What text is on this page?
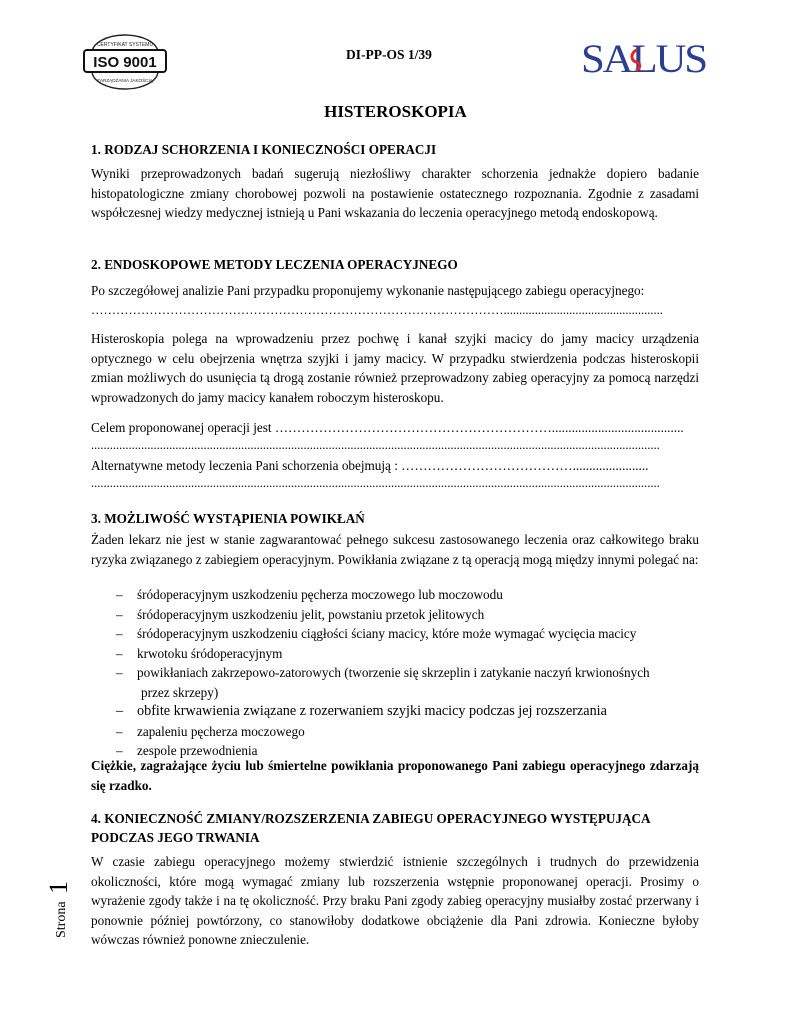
CERTYFIKAT SYSTEMU
ISO 9001
ZARZĄDZANIA JAKOŚCIĄ
DI-PP-OS 1/39	SALUS
HISTEROSKOPIA
1. RODZAJ SCHORZENIA I KONIECZNOŚCI OPERACJI

Wyniki przeprowadzonych badań sugerują niezłośliwy charakter schorzenia jednakże dopiero badanie histopatologiczne zmiany chorobowej pozwoli na postawienie ostatecznego rozpoznania. Zgodnie z zasadami współczesnej wiedzy medycznej istnieją u Pani wskazania do leczenia operacyjnego metodą endoskopową.

2. ENDOSKOPOWE METODY LECZENIA OPERACYJNEGO

Po szczegółowej analizie Pani przypadku proponujemy wykonanie następującego zabiegu operacyjnego:

………………………………………………………………………………………...................................................

Histeroskopia polega na wprowadzeniu przez pochwę i kanał szyjki macicy do jamy macicy urządzenia optycznego w celu obejrzenia wnętrza szyjki i jamy macicy. W przypadku stwierdzenia podczas histeroskopii zmian możliwych do usunięcia tą drogą zostanie również przeprowadzony zabieg operacyjny za pomocą narzędzi wprowadzonych do jamy macicy kanałem roboczym histeroskopu.

Celem proponowanej operacji jest ………………………………………………………........................................
......................................................................................................................................................................................
Alternatywne metody leczenia Pani schorzenia obejmują : ………………………………….......................
......................................................................................................................................................................................
3. MOŻLIWOŚĆ WYSTĄPIENIA POWIKŁAŃ

Żaden lekarz nie jest w stanie zagwarantować pełnego sukcesu zastosowanego leczenia oraz całkowitego braku ryzyka związanego z zabiegiem operacyjnym. Powikłania związane z tą operacją mogą między innymi polegać na:

– śródoperacyjnym uszkodzeniu pęcherza moczowego lub moczowodu
– śródoperacyjnym uszkodzeniu jelit, powstaniu przetok jelitowych
– śródoperacyjnym uszkodzeniu ciągłości ściany macicy, które może wymagać wycięcia macicy
– krwotoku śródoperacyjnym
– powikłaniach zakrzepowo-zatorowych (tworzenie się skrzeplin i zatykanie naczyń krwionośnych
przez skrzepy)
– obfite krwawienia związane z rozerwaniem szyjki macicy podczas jej rozszerzania
– zapaleniu pęcherza moczowego
– zespole przewodnienia
Ciężkie, zagrażające życiu lub śmiertelne powikłania proponowanego Pani zabiegu operacyjnego zdarzają się rzadko.
4. KONIECZNOŚĆ ZMIANY/ROZSZERZENIA ZABIEGU OPERACYJNEGO WYSTĘPUJĄCA PODCZAS JEGO TRWANIA

W czasie zabiegu operacyjnego możemy stwierdzić istnienie szczególnych i trudnych do przewidzenia okoliczności, które mogą wymagać zmiany lub rozszerzenia wstępnie proponowanej operacji. Prosimy o wyrażenie zgody także i na tę okoliczność. Przy braku Pani zgody zabieg operacyjny musiałby zostać przerwany i ponownie później powtórzony, co stanowiłoby dodatkowe obciążenie dla Pani zdrowia. Konieczne byłoby wówczas również ponowne znieczulenie.

Strona
1
